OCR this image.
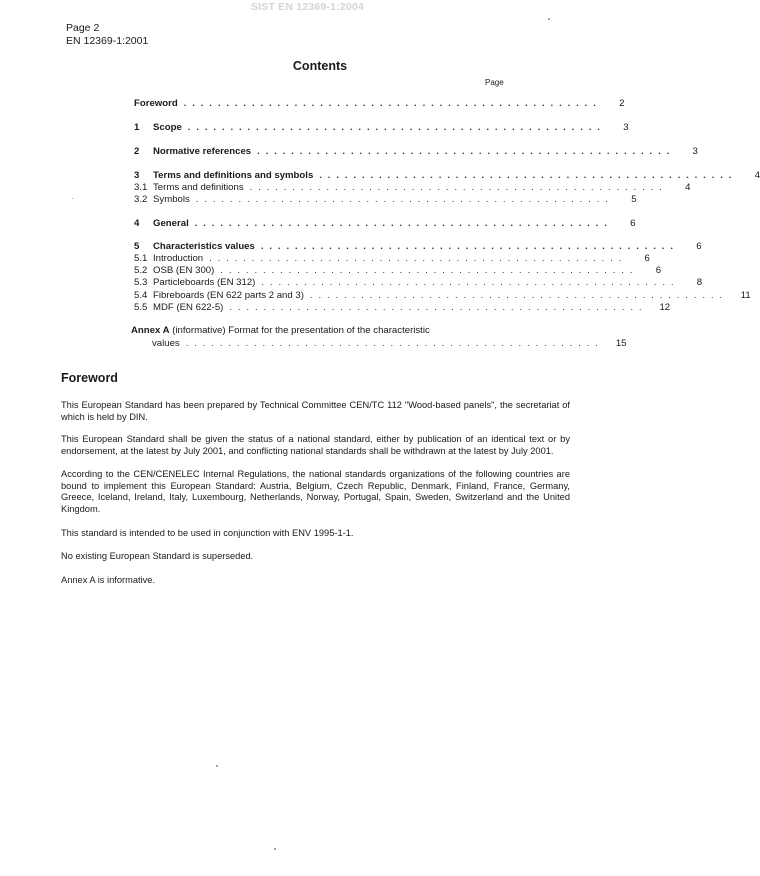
SIST EN 12369-1:2004
Page 2
EN 12369-1:2001
Contents
Page
Foreword . . . . . . . . . . . . . . . . . . . . . . . . . . . . . . . . . . . . . . . . . . . . . . . . .	2
1	Scope . . . . . . . . . . . . . . . . . . . . . . . . . . . . . . . . . . . . . . . . . . . . . . . . .	3
2	Normative references . . . . . . . . . . . . . . . . . . . . . . . . . . . . . . . . . . . . . . . . . . . . . . . . .	3
3	Terms and definitions and symbols . . . . . . . . . . . . . . . . . . . . . . . . . . . . . . . . . . . . . . . . . . . . . . . . .	4
3.1 Terms and definitions . . . . . . . . . . . . . . . . . . . . . . . . . . . . . . . . . . . . . . . . . . . . . . . . .	4
3.2 Symbols . . . . . . . . . . . . . . . . . . . . . . . . . . . . . . . . . . . . . . . . . . . . . . . . .	5
4	General . . . . . . . . . . . . . . . . . . . . . . . . . . . . . . . . . . . . . . . . . . . . . . . . .	6
5	Characteristics values . . . . . . . . . . . . . . . . . . . . . . . . . . . . . . . . . . . . . . . . . . . . . . . . .	6
5.1 Introduction . . . . . . . . . . . . . . . . . . . . . . . . . . . . . . . . . . . . . . . . . . . . . . . . .	6
5.2 OSB (EN 300) . . . . . . . . . . . . . . . . . . . . . . . . . . . . . . . . . . . . . . . . . . . . . . . . .	6
5.3 Particleboards (EN 312) . . . . . . . . . . . . . . . . . . . . . . . . . . . . . . . . . . . . . . . . . . . . . . . . .	8
5.4 Fibreboards (EN 622 parts 2 and 3) . . . . . . . . . . . . . . . . . . . . . . . . . . . . . . . . . . . . . . . . . . . . . . . . .	11
5.5 MDF (EN 622-5) . . . . . . . . . . . . . . . . . . . . . . . . . . . . . . . . . . . . . . . . . . . . . . . . .	12
Annex A (informative) Format for the presentation of the characteristic
values . . . . . . . . . . . . . . . . . . . . . . . . . . . . . . . . . . . . . . . . . . . . . . . . .	15
Foreword

This European Standard has been prepared by Technical Committee CEN/TC 112 "Wood-based panels", the secretariat of which is held by DIN.

This European Standard shall be given the status of a national standard, either by publication of an identical text or by endorsement, at the latest by July 2001, and conflicting national standards shall be withdrawn at the latest by July 2001.

According to the CEN/CENELEC Internal Regulations, the national standards organizations of the following countries are bound to implement this European Standard: Austria, Belgium, Czech Republic, Denmark, Finland, France, Germany, Greece, Iceland, Ireland, Italy, Luxembourg, Netherlands, Norway, Portugal, Spain, Sweden, Switzerland and the United Kingdom.

This standard is intended to be used in conjunction with ENV 1995-1-1.

No existing European Standard is superseded.

Annex A is informative.
